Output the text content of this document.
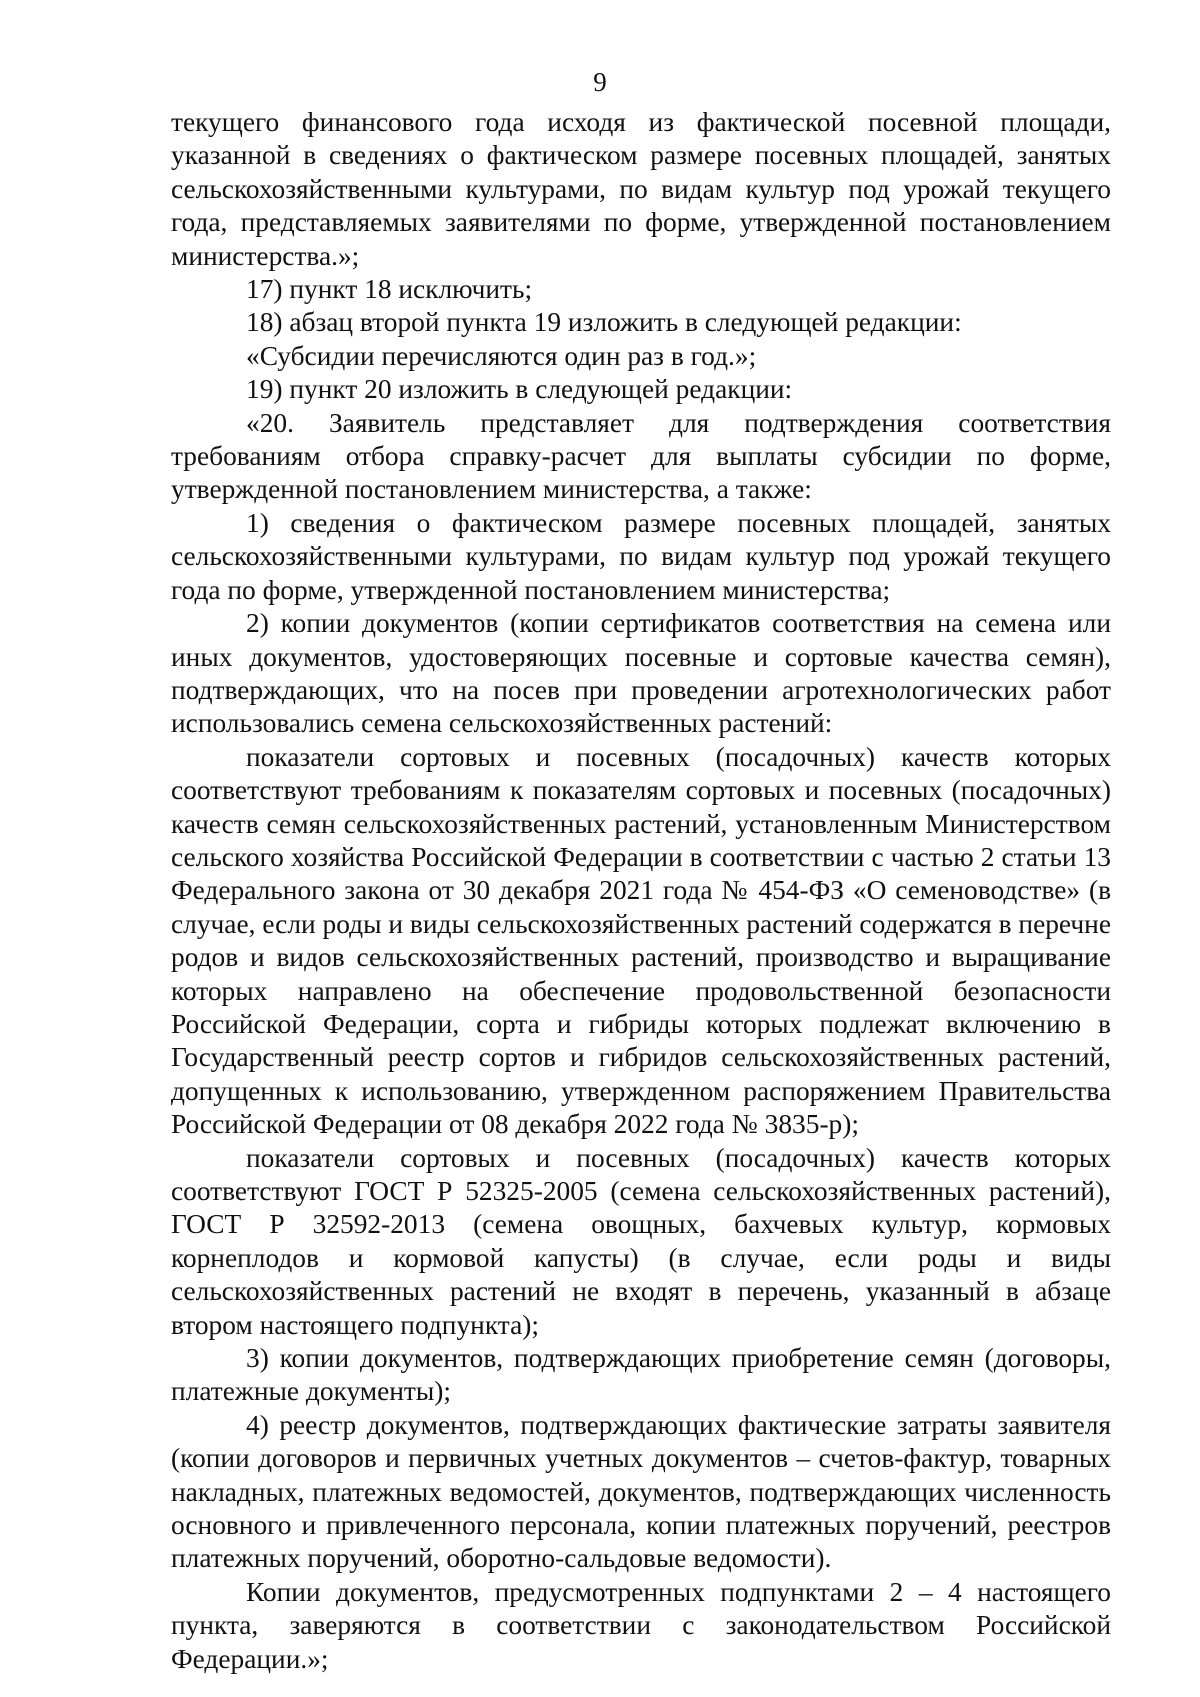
9

текущего финансового года исходя из фактической посевной площади, указанной в сведениях о фактическом размере посевных площадей, занятых сельскохозяйственными культурами, по видам культур под урожай текущего года, представляемых заявителями по форме, утвержденной постановлением министерства.»;

17) пункт 18 исключить;

18) абзац второй пункта 19 изложить в следующей редакции:

«Субсидии перечисляются один раз в год.»;

19) пункт 20 изложить в следующей редакции:

«20. Заявитель представляет для подтверждения соответствия требованиям отбора справку-расчет для выплаты субсидии по форме, утвержденной постановлением министерства, а также:

1) сведения о фактическом размере посевных площадей, занятых сельскохозяйственными культурами, по видам культур под урожай текущего года по форме, утвержденной постановлением министерства;

2) копии документов (копии сертификатов соответствия на семена или иных документов, удостоверяющих посевные и сортовые качества семян), подтверждающих, что на посев при проведении агротехнологических работ использовались семена сельскохозяйственных растений:

показатели сортовых и посевных (посадочных) качеств которых соответствуют требованиям к показателям сортовых и посевных (посадочных) качеств семян сельскохозяйственных растений, установленным Министерством сельского хозяйства Российской Федерации в соответствии с частью 2 статьи 13 Федерального закона от 30 декабря 2021 года № 454-ФЗ «О семеноводстве» (в случае, если роды и виды сельскохозяйственных растений содержатся в перечне родов и видов сельскохозяйственных растений, производство и выращивание которых направлено на обеспечение продовольственной безопасности Российской Федерации, сорта и гибриды которых подлежат включению в Государственный реестр сортов и гибридов сельскохозяйственных растений, допущенных к использованию, утвержденном распоряжением Правительства Российской Федерации от 08 декабря 2022 года № 3835-р);

показатели сортовых и посевных (посадочных) качеств которых соответствуют ГОСТ Р 52325-2005 (семена сельскохозяйственных растений), ГОСТ Р 32592-2013 (семена овощных, бахчевых культур, кормовых корнеплодов и кормовой капусты) (в случае, если роды и виды сельскохозяйственных растений не входят в перечень, указанный в абзаце втором настоящего подпункта);

3) копии документов, подтверждающих приобретение семян (договоры, платежные документы);

4) реестр документов, подтверждающих фактические затраты заявителя (копии договоров и первичных учетных документов – счетов-фактур, товарных накладных, платежных ведомостей, документов, подтверждающих численность основного и привлеченного персонала, копии платежных поручений, реестров платежных поручений, оборотно-сальдовые ведомости).

Копии документов, предусмотренных подпунктами 2 – 4 настоящего пункта, заверяются в соответствии с законодательством Российской Федерации.»;
